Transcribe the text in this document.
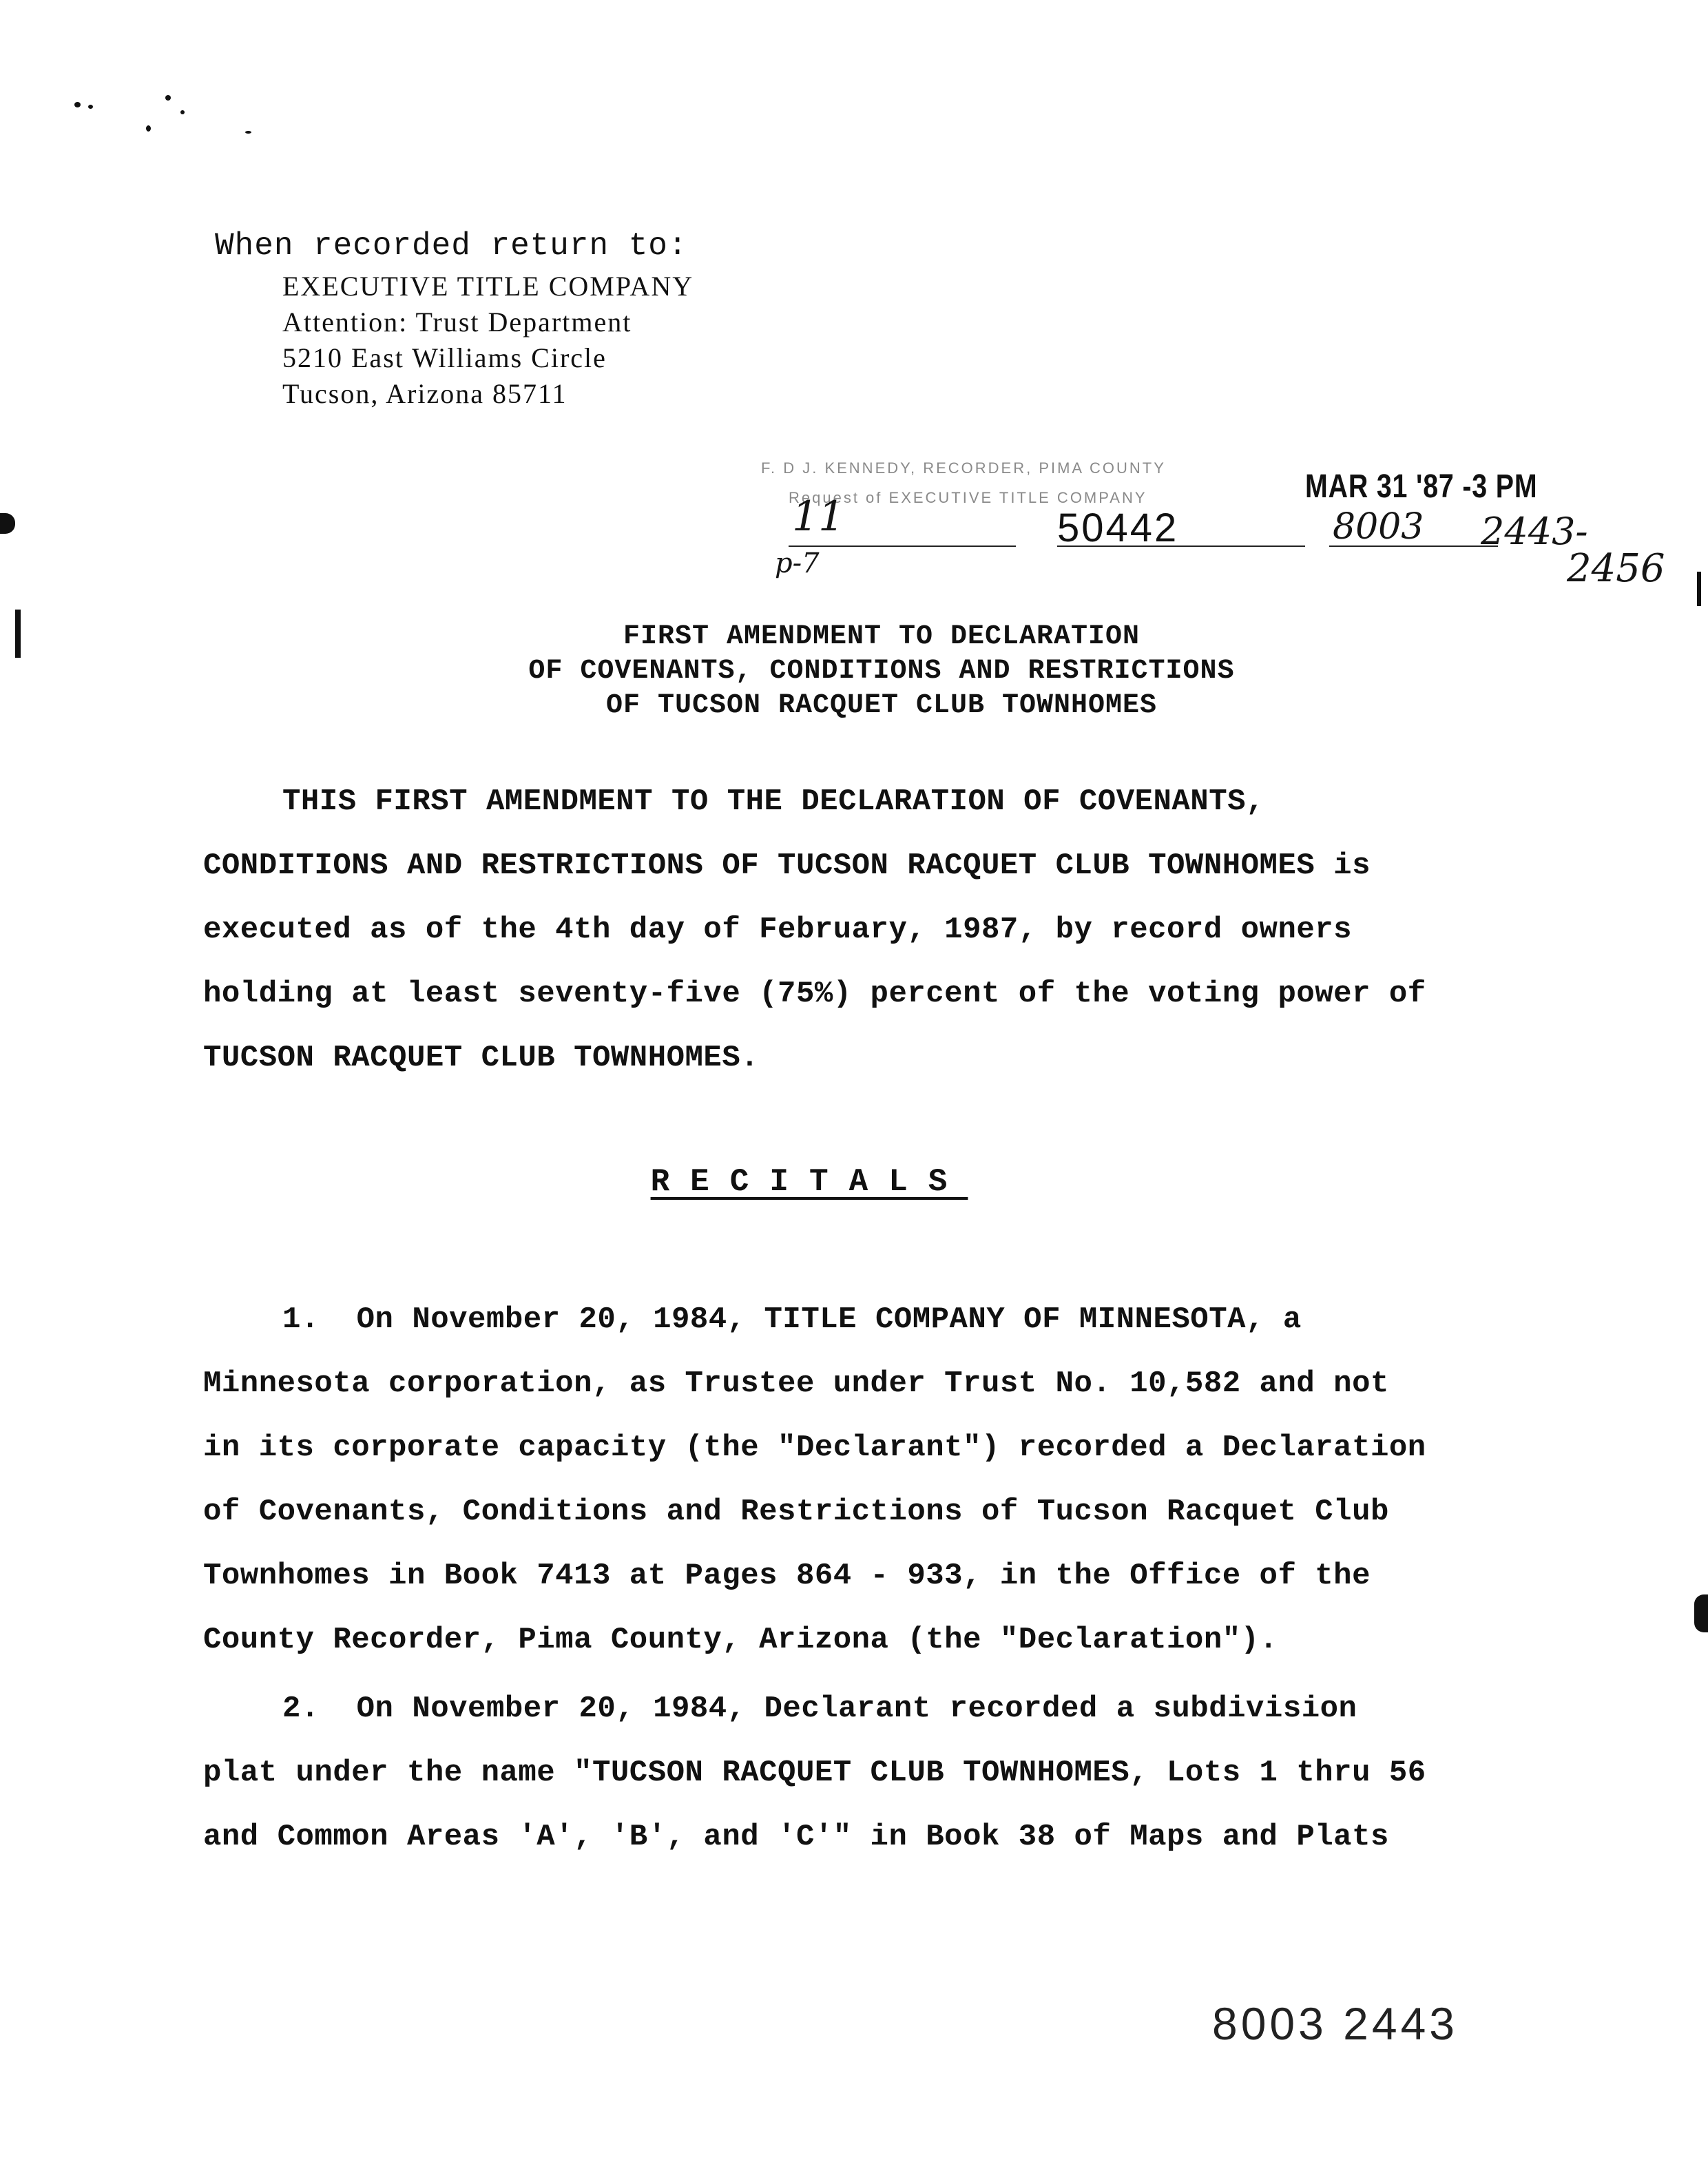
When recorded return to:
EXECUTIVE TITLE COMPANY
Attention: Trust Department
5210 East Williams Circle
Tucson, Arizona 85711
F. D J. KENNEDY, RECORDER, PIMA COUNTY
Request of EXECUTIVE TITLE COMPANY	MAR 31 '87 -3 PM
50442
11
p-7
8003 2443-
2456
FIRST AMENDMENT TO DECLARATION
OF COVENANTS, CONDITIONS AND RESTRICTIONS
OF TUCSON RACQUET CLUB TOWNHOMES
THIS FIRST AMENDMENT TO THE DECLARATION OF COVENANTS,
CONDITIONS AND RESTRICTIONS OF TUCSON RACQUET CLUB TOWNHOMES is
executed as of the 4th day of February, 1987, by record owners
holding at least seventy-five (75%) percent of the voting power of
TUCSON RACQUET CLUB TOWNHOMES.
RECITALS
1.  On November 20, 1984, TITLE COMPANY OF MINNESOTA, a
Minnesota corporation, as Trustee under Trust No. 10,582 and not
in its corporate capacity (the "Declarant") recorded a Declaration
of Covenants, Conditions and Restrictions of Tucson Racquet Club
Townhomes in Book 7413 at Pages 864 - 933, in the Office of the
County Recorder, Pima County, Arizona (the "Declaration").
2.  On November 20, 1984, Declarant recorded a subdivision
plat under the name "TUCSON RACQUET CLUB TOWNHOMES, Lots 1 thru 56
and Common Areas 'A', 'B', and 'C'" in Book 38 of Maps and Plats
8003 2443
